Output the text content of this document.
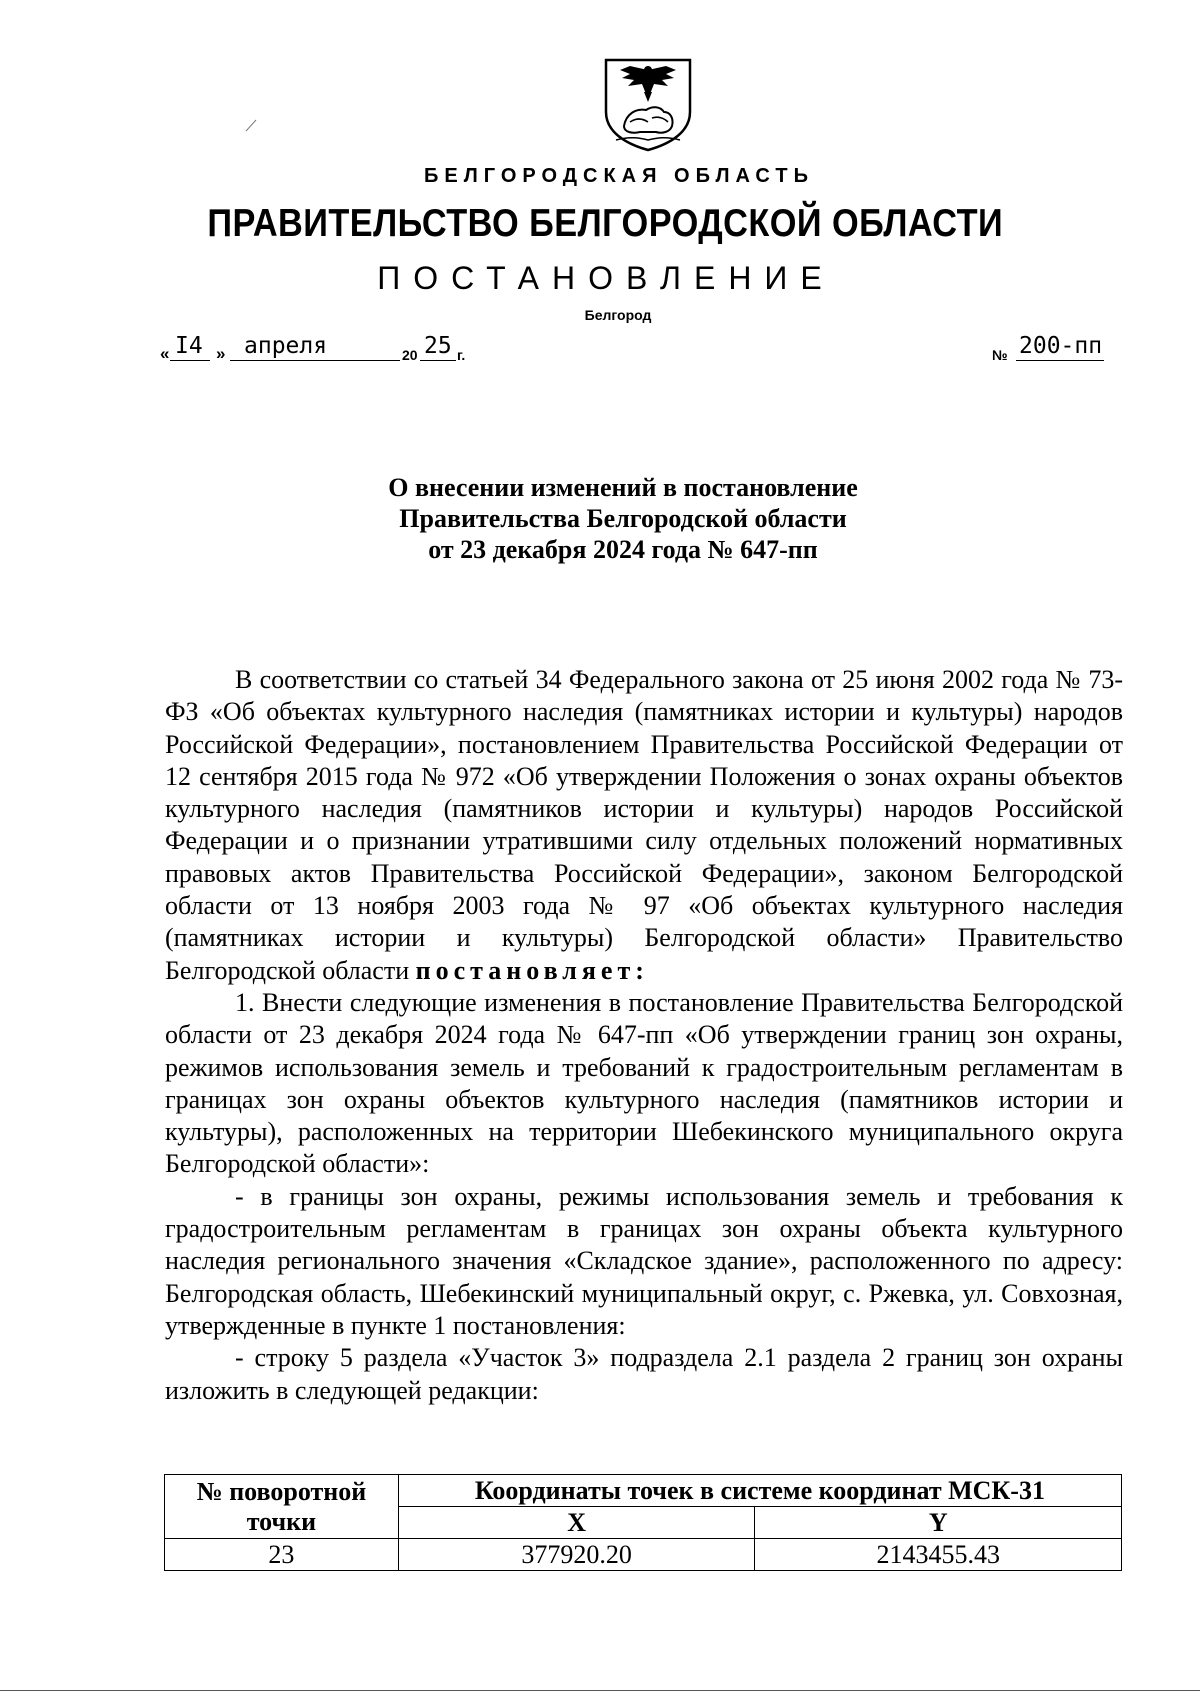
БЕЛГОРОДСКАЯ ОБЛАСТЬ
ПРАВИТЕЛЬСТВО БЕЛГОРОДСКОЙ ОБЛАСТИ
ПОСТАНОВЛЕНИЕ
Белгород
« I4 » апреля	20 25 г.	№ 200-пп
О внесении изменений в постановление
Правительства Белгородской области
от 23 декабря 2024 года № 647-пп

В соответствии со статьей 34 Федерального закона от 25 июня 2002 года № 73-ФЗ «Об объектах культурного наследия (памятниках истории и культуры) народов Российской Федерации», постановлением Правительства Российской Федерации от 12 сентября 2015 года № 972 «Об утверждении Положения о зонах охраны объектов культурного наследия (памятников истории и культуры) народов Российской Федерации и о признании утратившими силу отдельных положений нормативных правовых актов Правительства Российской Федерации», законом Белгородской области от 13 ноября 2003 года № 97 «Об объектах культурного наследия (памятниках истории и культуры) Белгородской области» Правительство Белгородской области постановляет:

1. Внести следующие изменения в постановление Правительства Белгородской области от 23 декабря 2024 года № 647-пп «Об утверждении границ зон охраны, режимов использования земель и требований к градостроительным регламентам в границах зон охраны объектов культурного наследия (памятников истории и культуры), расположенных на территории Шебекинского муниципального округа Белгородской области»:

- в границы зон охраны, режимы использования земель и требования к градостроительным регламентам в границах зон охраны объекта культурного наследия регионального значения «Складское здание», расположенного по адресу: Белгородская область, Шебекинский муниципальный округ, с. Ржевка, ул. Совхозная, утвержденные в пункте 1 постановления:

- строку 5 раздела «Участок 3» подраздела 2.1 раздела 2 границ зон охраны изложить в следующей редакции:

№ поворотной точки	Координаты точек в системе координат МСК-31	
	X	Y
23	377920.20	2143455.43
